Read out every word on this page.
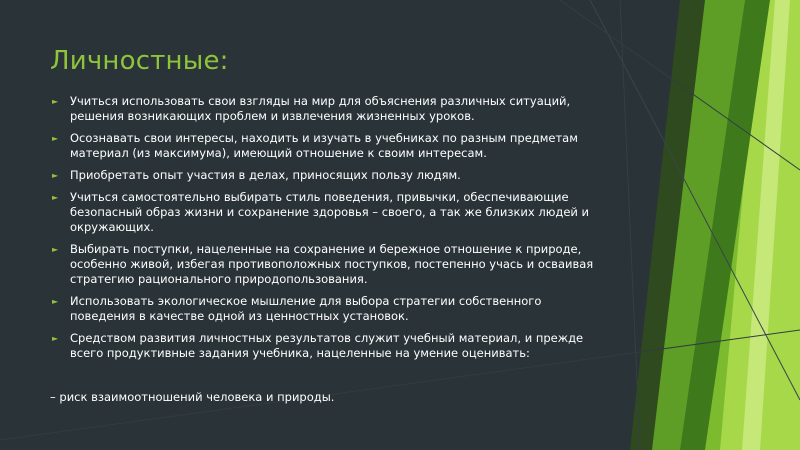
Личностные:
► Учиться использовать свои взгляды на мир для объяснения различных ситуаций, решения возникающих проблем и извлечения жизненных уроков.
► Осознавать свои интересы, находить и изучать в учебниках по разным предметам материал (из максимума), имеющий отношение к своим интересам.
► Приобретать опыт участия в делах, приносящих пользу людям.
► Учиться самостоятельно выбирать стиль поведения, привычки, обеспечивающие безопасный образ жизни и сохранение здоровья – своего, а так же близких людей и окружающих.
► Выбирать поступки, нацеленные на сохранение и бережное отношение к природе, особенно живой, избегая противоположных поступков, постепенно учась и осваивая стратегию рационального природопользования.
► Использовать экологическое мышление для выбора стратегии собственного поведения в качестве одной из ценностных установок.
► Средством развития личностных результатов служит учебный материал, и прежде всего продуктивные задания учебника, нацеленные на умение оценивать:

– риск взаимоотношений человека и природы.
